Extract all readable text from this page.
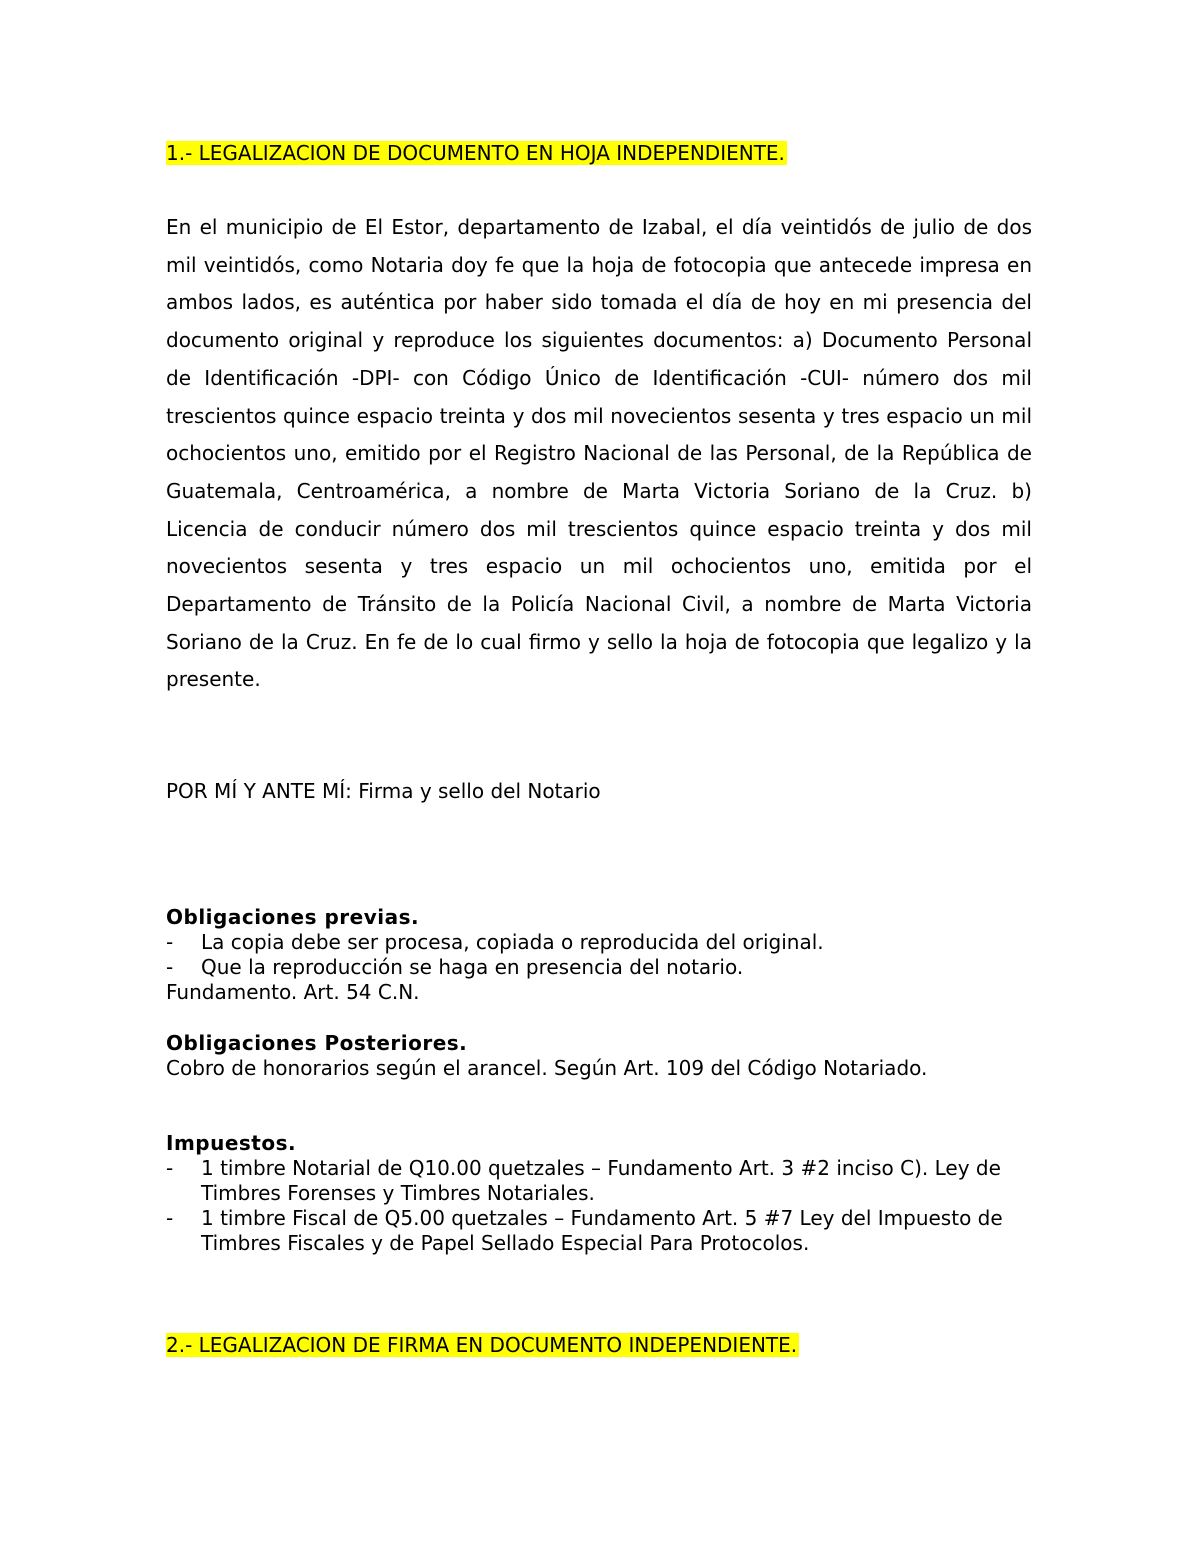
1.- LEGALIZACION DE DOCUMENTO EN HOJA INDEPENDIENTE.

En el municipio de El Estor, departamento de Izabal, el día veintidós de julio de dos mil veintidós, como Notaria doy fe que la hoja de fotocopia que antecede impresa en ambos lados, es auténtica por haber sido tomada el día de hoy en mi presencia del documento original y reproduce los siguientes documentos: a) Documento Personal de Identificación -DPI- con Código Único de Identificación -CUI- número dos mil trescientos quince espacio treinta y dos mil novecientos sesenta y tres espacio un mil ochocientos uno, emitido por el Registro Nacional de las Personal, de la República de Guatemala, Centroamérica, a nombre de Marta Victoria Soriano de la Cruz. b) Licencia de conducir número dos mil trescientos quince espacio treinta y dos mil novecientos sesenta y tres espacio un mil ochocientos uno, emitida por el Departamento de Tránsito de la Policía Nacional Civil, a nombre de Marta Victoria Soriano de la Cruz. En fe de lo cual firmo y sello la hoja de fotocopia que legalizo y la presente.

POR MÍ Y ANTE MÍ: Firma y sello del Notario
Obligaciones previas.
-	La copia debe ser procesa, copiada o reproducida del original.
-	Que la reproducción se haga en presencia del notario.
Fundamento. Art. 54 C.N.
Obligaciones Posteriores.
Cobro de honorarios según el arancel. Según Art. 109 del Código Notariado.
Impuestos.
-	1 timbre Notarial de Q10.00 quetzales – Fundamento Art. 3 #2 inciso C). Ley de Timbres Forenses y Timbres Notariales.
-	1 timbre Fiscal de Q5.00 quetzales – Fundamento Art. 5 #7 Ley del Impuesto de Timbres Fiscales y de Papel Sellado Especial Para Protocolos.
2.- LEGALIZACION DE FIRMA EN DOCUMENTO INDEPENDIENTE.
